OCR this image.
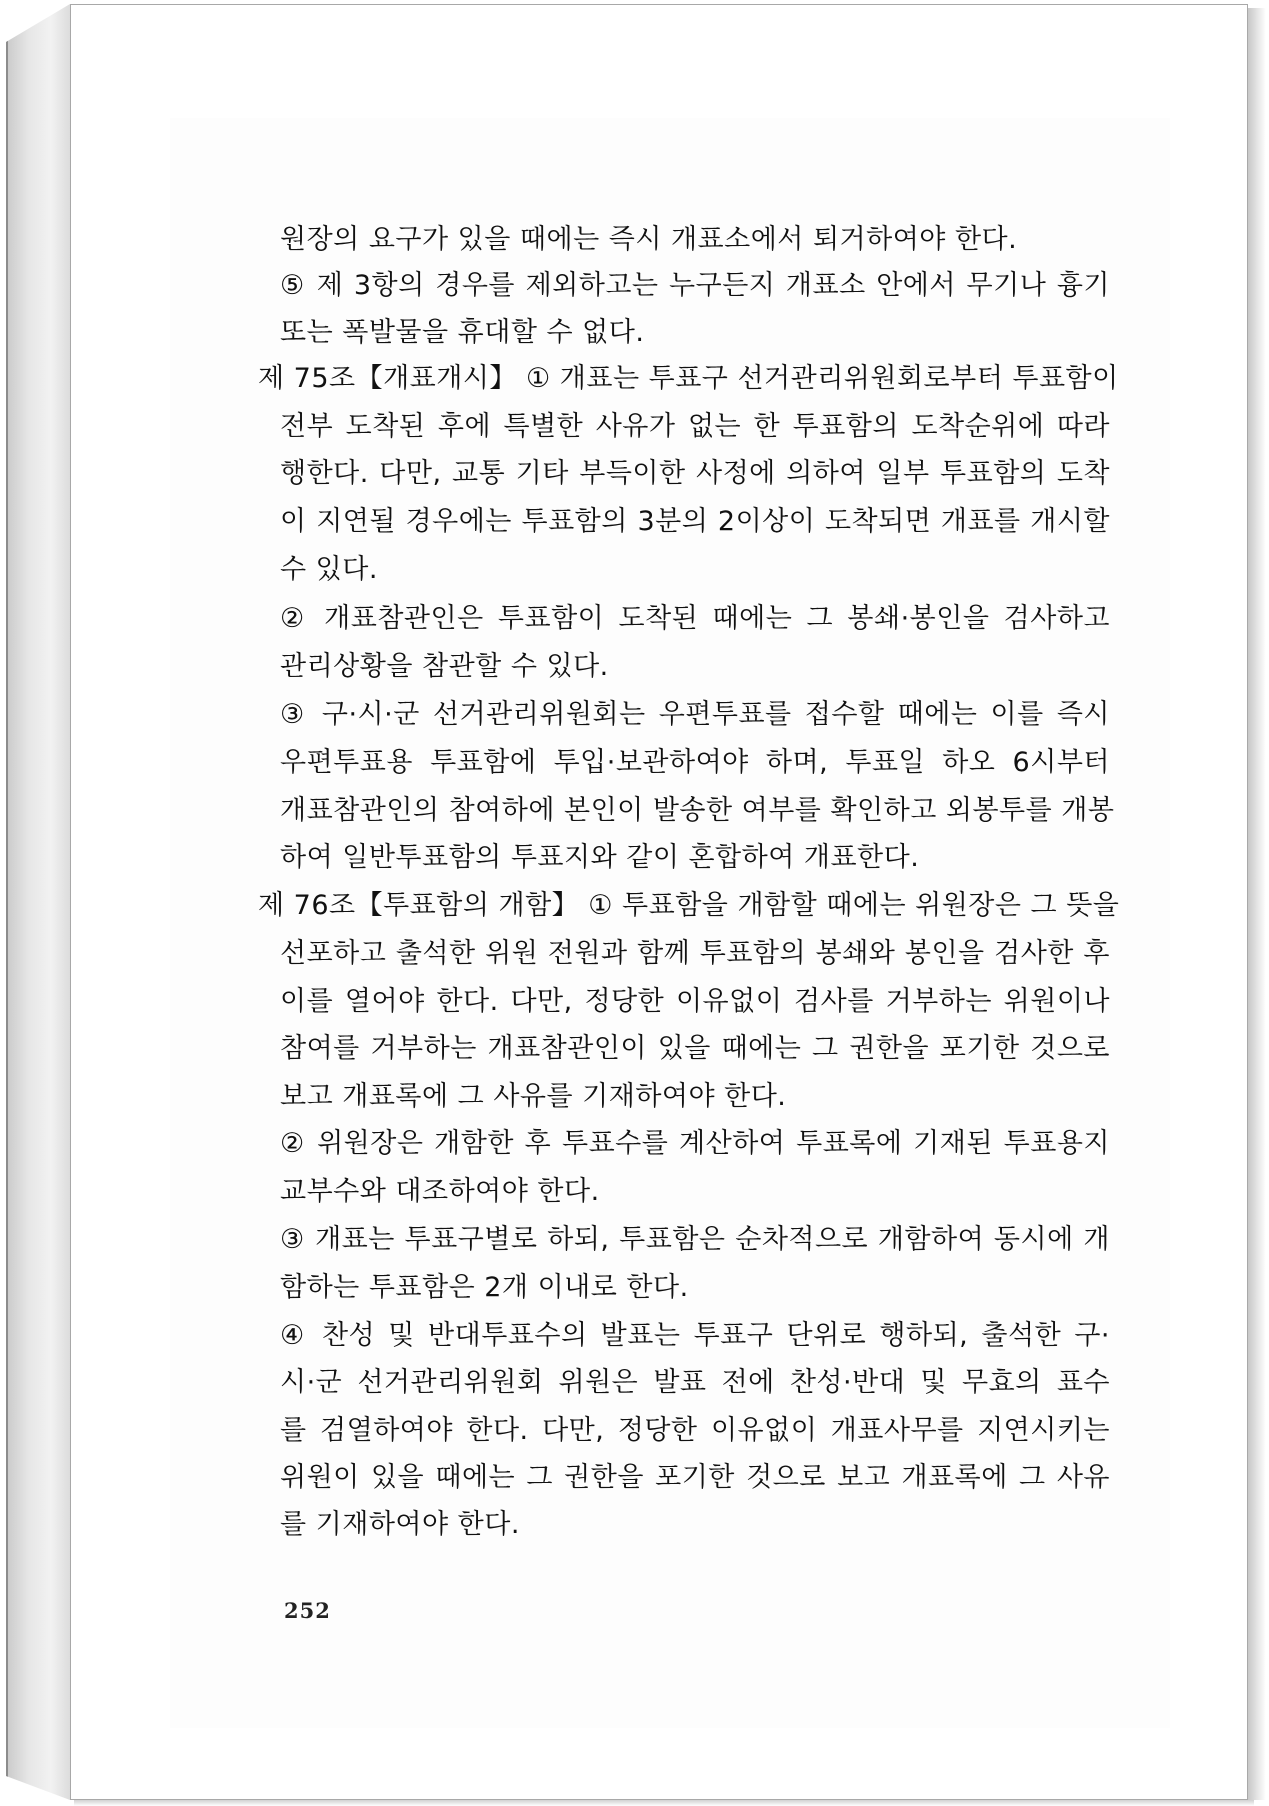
원장의 요구가 있을 때에는 즉시 개표소에서 퇴거하여야 한다.
⑤ 제 3항의 경우를 제외하고는 누구든지 개표소 안에서 무기나 흉기
또는 폭발물을 휴대할 수 없다.
제 75조【개표개시】 ① 개표는 투표구 선거관리위원회로부터 투표함이
전부 도착된 후에 특별한 사유가 없는 한 투표함의 도착순위에 따라
행한다. 다만, 교통 기타 부득이한 사정에 의하여 일부 투표함의 도착
이 지연될 경우에는 투표함의 3분의 2이상이 도착되면 개표를 개시할
수 있다.
② 개표참관인은 투표함이 도착된 때에는 그 봉쇄·봉인을 검사하고
관리상황을 참관할 수 있다.
③ 구·시·군 선거관리위원회는 우편투표를 접수할 때에는 이를 즉시
우편투표용 투표함에 투입·보관하여야 하며, 투표일 하오 6시부터
개표참관인의 참여하에 본인이 발송한 여부를 확인하고 외봉투를 개봉
하여 일반투표함의 투표지와 같이 혼합하여 개표한다.
제 76조【투표함의 개함】 ① 투표함을 개함할 때에는 위원장은 그 뜻을
선포하고 출석한 위원 전원과 함께 투표함의 봉쇄와 봉인을 검사한 후
이를 열어야 한다. 다만, 정당한 이유없이 검사를 거부하는 위원이나
참여를 거부하는 개표참관인이 있을 때에는 그 권한을 포기한 것으로
보고 개표록에 그 사유를 기재하여야 한다.
② 위원장은 개함한 후 투표수를 계산하여 투표록에 기재된 투표용지
교부수와 대조하여야 한다.
③ 개표는 투표구별로 하되, 투표함은 순차적으로 개함하여 동시에 개
함하는 투표함은 2개 이내로 한다.
④ 찬성 및 반대투표수의 발표는 투표구 단위로 행하되, 출석한 구·
시·군 선거관리위원회 위원은 발표 전에 찬성·반대 및 무효의 표수
를 검열하여야 한다. 다만, 정당한 이유없이 개표사무를 지연시키는
위원이 있을 때에는 그 권한을 포기한 것으로 보고 개표록에 그 사유
를 기재하여야 한다.
252
